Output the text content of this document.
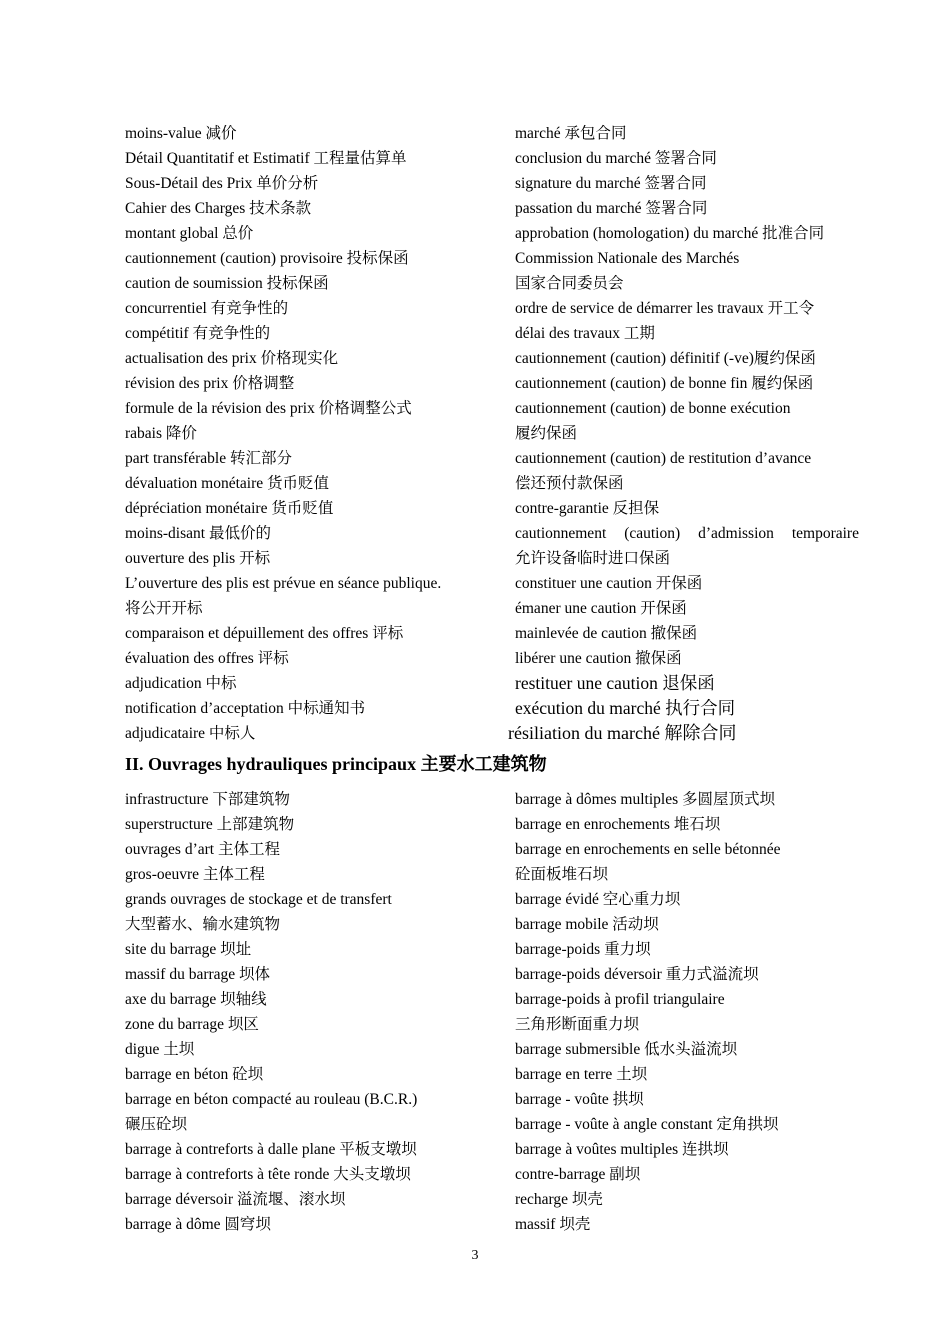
moins-value 减价
Détail Quantitatif et Estimatif 工程量估算单
Sous-Détail des Prix 单价分析
Cahier des Charges 技术条款
montant global 总价
cautionnement (caution) provisoire 投标保函
caution de soumission 投标保函
concurrentiel 有竞争性的
compétitif 有竞争性的
actualisation des prix 价格现实化
révision des prix 价格调整
formule de la révision des prix 价格调整公式
rabais 降价
part transférable 转汇部分
dévaluation monétaire 货币贬值
dépréciation monétaire 货币贬值
moins-disant 最低价的
ouverture des plis 开标
L’ouverture des plis est prévue en séance publique.
将公开开标
comparaison et dépuillement des offres 评标
évaluation des offres 评标
adjudication 中标
notification d’acceptation 中标通知书
adjudicataire 中标人
marché 承包合同
conclusion du marché 签署合同
signature du marché 签署合同
passation du marché 签署合同
approbation (homologation) du marché 批准合同
Commission Nationale des Marchés
国家合同委员会
ordre de service de démarrer les travaux 开工令
délai des travaux 工期
cautionnement (caution) définitif (-ve)履约保函
cautionnement (caution) de bonne fin 履约保函
cautionnement (caution) de bonne exécution
履约保函
cautionnement (caution) de restitution d’avance
偿还预付款保函
contre-garantie 反担保
cautionnement (caution) d’admission temporaire
允许设备临时进口保函
constituer une caution 开保函
émaner une caution 开保函
mainlevée de caution 撤保函
libérer une caution 撤保函
restituer une caution 退保函
exécution du marché 执行合同
résiliation du marché 解除合同
II. Ouvrages hydrauliques principaux 主要水工建筑物
infrastructure 下部建筑物
superstructure 上部建筑物
ouvrages d’art 主体工程
gros-oeuvre 主体工程
grands ouvrages de stockage et de transfert
大型蓄水、输水建筑物
site du barrage 坝址
massif du barrage 坝体
axe du barrage 坝轴线
zone du barrage 坝区
digue 土坝
barrage en béton 砼坝
barrage en béton compacté au rouleau (B.C.R.)
碾压砼坝
barrage à contreforts à dalle plane 平板支墩坝
barrage à contreforts à tête ronde 大头支墩坝
barrage déversoir 溢流堰、滚水坝
barrage à dôme 圆穹坝
barrage à dômes multiples 多圆屋顶式坝
barrage en enrochements 堆石坝
barrage en enrochements en selle bétonnée
砼面板堆石坝
barrage évidé 空心重力坝
barrage mobile 活动坝
barrage-poids 重力坝
barrage-poids déversoir 重力式溢流坝
barrage-poids à profil triangulaire
三角形断面重力坝
barrage submersible 低水头溢流坝
barrage en terre 土坝
barrage - voûte 拱坝
barrage - voûte à angle constant 定角拱坝
barrage à voûtes multiples 连拱坝
contre-barrage 副坝
recharge 坝壳
massif 坝壳
3
